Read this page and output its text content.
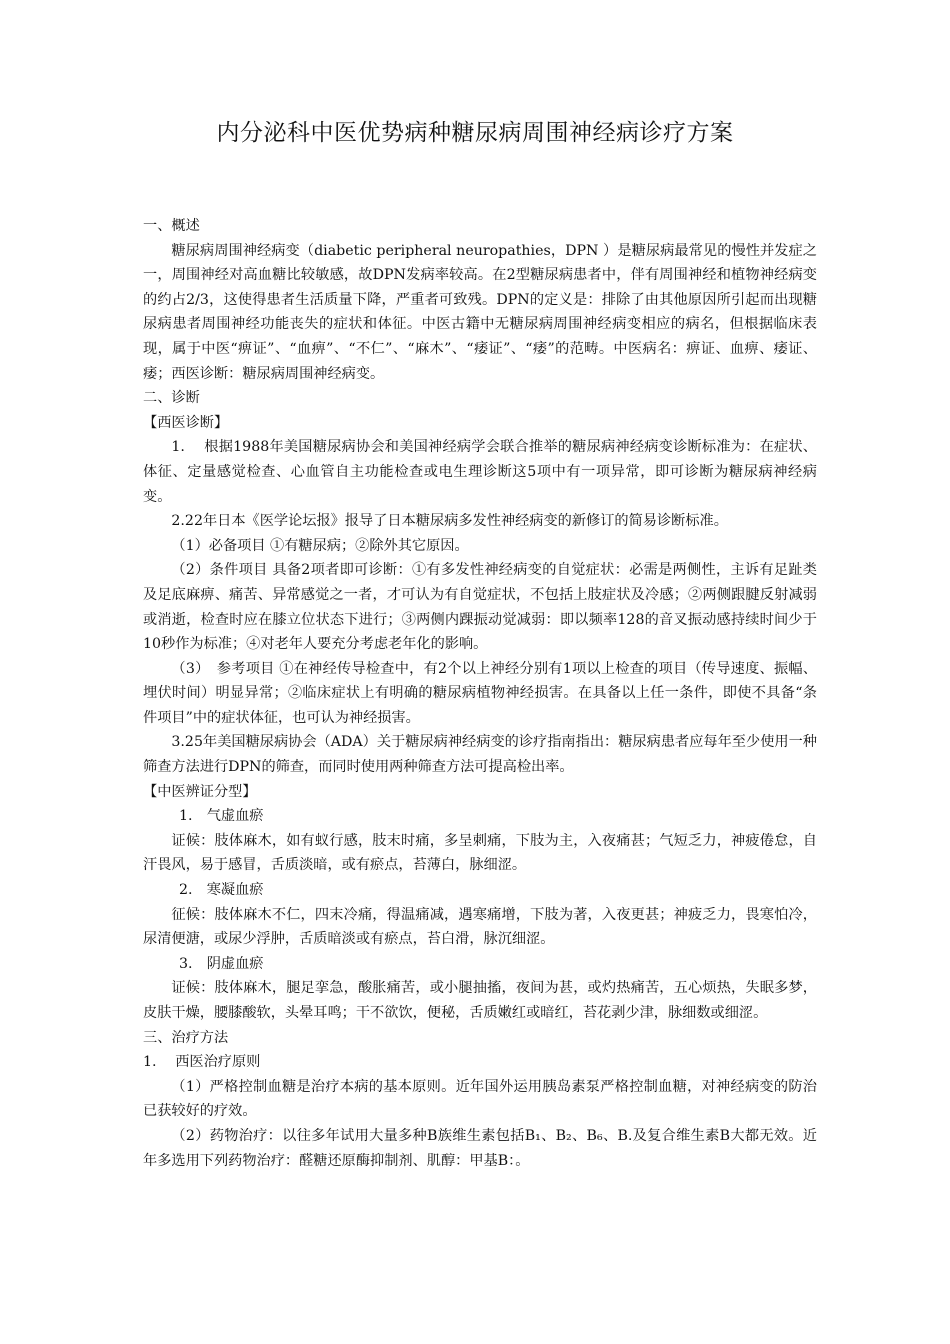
内分泌科中医优势病种糖尿病周围神经病诊疗方案

一、概述

糖尿病周围神经病变（diabetic peripheral neuropathies，DPN ）是糖尿病最常见的慢性并发症之一，周围神经对高血糖比较敏感，故DPN发病率较高。在2型糖尿病患者中，伴有周围神经和植物神经病变的约占2/3，这使得患者生活质量下降，严重者可致残。DPN的定义是：排除了由其他原因所引起而出现糖尿病患者周围神经功能丧失的症状和体征。中医古籍中无糖尿病周围神经病变相应的病名，但根据临床表现，属于中医“痹证”、“血痹”、“不仁”、“麻木”、“痿证”、“痿”的范畴。中医病名：痹证、血痹、痿证、痿；西医诊断：糖尿病周围神经病变。

二、诊断

【西医诊断】

1.　 根据1988年美国糖尿病协会和美国神经病学会联合推举的糖尿病神经病变诊断标准为：在症状、体征、定量感觉检查、心血管自主功能检查或电生理诊断这5项中有一项异常，即可诊断为糖尿病神经病变。

2.22年日本《医学论坛报》报导了日本糖尿病多发性神经病变的新修订的简易诊断标准。

（1）必备项目 ①有糖尿病；②除外其它原因。

（2）条件项目 具备2项者即可诊断：①有多发性神经病变的自觉症状：必需是两侧性，主诉有足趾类及足底麻痹、痛苦、异常感觉之一者，才可认为有自觉症状，不包括上肢症状及冷感；②两侧跟腱反射减弱或消逝，检查时应在膝立位状态下进行；③两侧内踝振动觉减弱：即以频率128的音叉振动感持续时间少于10秒作为标准；④对老年人要充分考虑老年化的影响。

（3）　参考项目 ①在神经传导检查中，有2个以上神经分别有1项以上检查的项目（传导速度、振幅、埋伏时间）明显异常；②临床症状上有明确的糖尿病植物神经损害。在具备以上任一条件，即使不具备“条件项目”中的症状体征，也可认为神经损害。

3.25年美国糖尿病协会（ADA）关于糖尿病神经病变的诊疗指南指出：糖尿病患者应每年至少使用一种筛查方法进行DPN的筛查，而同时使用两种筛查方法可提高检出率。

【中医辨证分型】

1.　气虚血瘀

证候：肢体麻木，如有蚁行感，肢末时痛，多呈刺痛，下肢为主，入夜痛甚；气短乏力，神疲倦怠，自汗畏风，易于感冒，舌质淡暗，或有瘀点，苔薄白，脉细涩。

2.　寒凝血瘀

征候：肢体麻木不仁，四末冷痛，得温痛减，遇寒痛增，下肢为著，入夜更甚；神疲乏力，畏寒怕冷，尿清便溏，或尿少浮肿，舌质暗淡或有瘀点，苔白滑，脉沉细涩。

3.　阴虚血瘀

证候：肢体麻木，腿足挛急，酸胀痛苦，或小腿抽搐，夜间为甚，或灼热痛苦，五心烦热，失眠多梦，皮肤干燥，腰膝酸软，头晕耳鸣；干不欲饮，便秘，舌质嫩红或暗红，苔花剥少津，脉细数或细涩。

三、治疗方法

1.　 西医治疗原则

（1）严格控制血糖是治疗本病的基本原则。近年国外运用胰岛素泵严格控制血糖，对神经病变的防治已获较好的疗效。

（2）药物治疗：以往多年试用大量多种B族维生素包括B₁、B₂、B₆、B.及复合维生素B大都无效。近年多选用下列药物治疗：醛糖还原酶抑制剂、肌醇：甲基B：。
